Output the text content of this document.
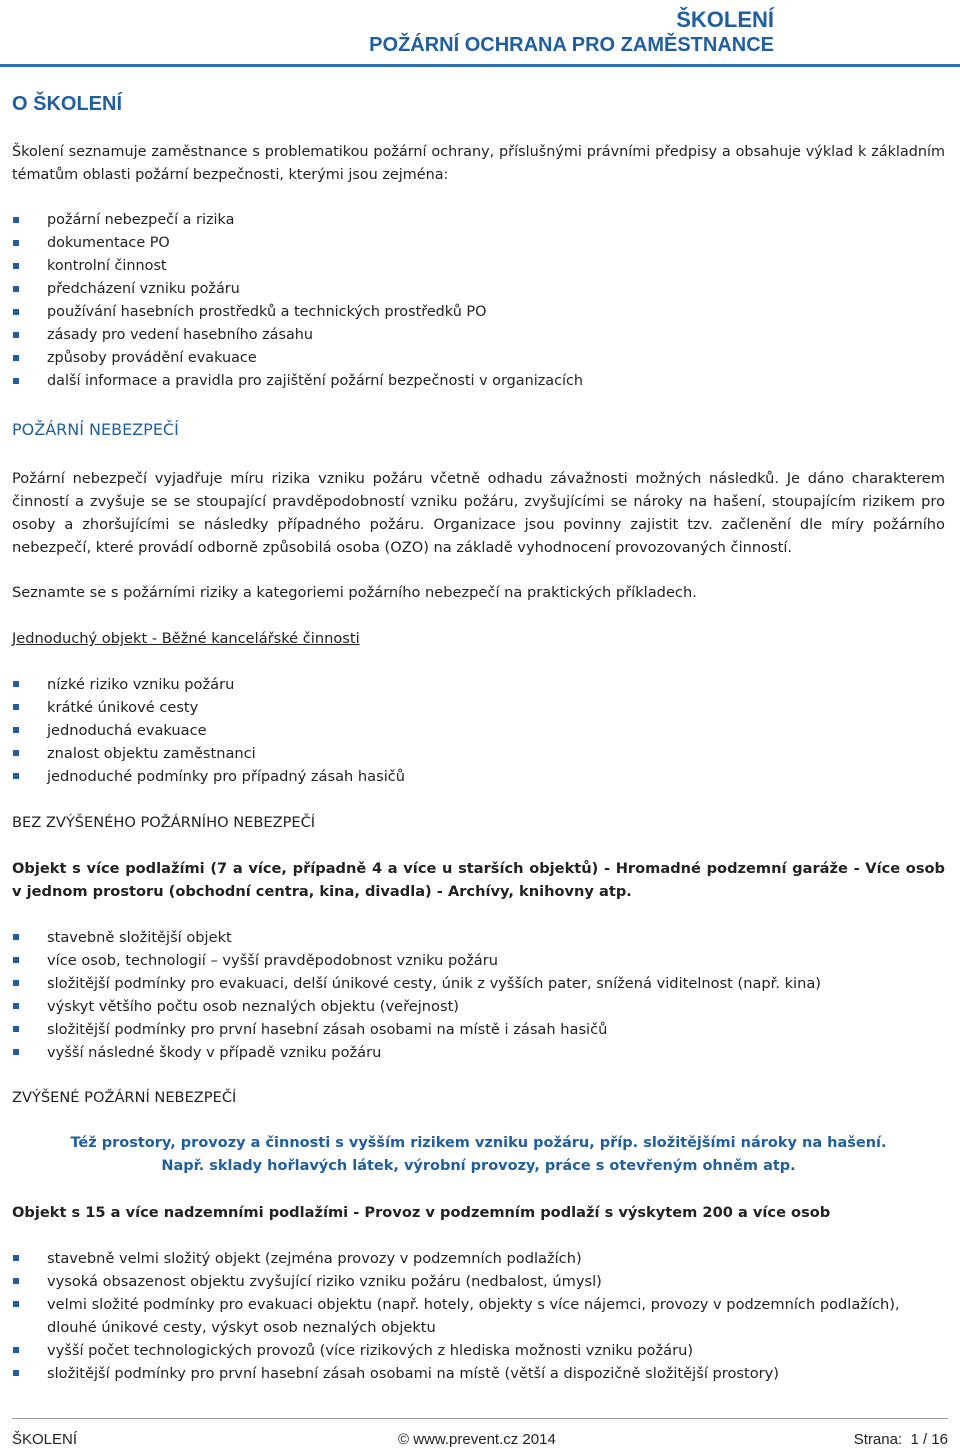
ŠKOLENÍ
POŽÁRNÍ OCHRANA PRO ZAMĚSTNANCE
O ŠKOLENÍ
Školení seznamuje zaměstnance s problematikou požární ochrany, příslušnými právními předpisy a obsahuje výklad k základním tématům oblasti požární bezpečnosti, kterými jsou zejména:
požární nebezpečí a rizika
dokumentace PO
kontrolní činnost
předcházení vzniku požáru
používání hasebních prostředků a technických prostředků PO
zásady pro vedení hasebního zásahu
způsoby provádění evakuace
další informace a pravidla pro zajištění požární bezpečnosti v organizacích
POŽÁRNÍ NEBEZPEČÍ
Požární nebezpečí vyjadřuje míru rizika vzniku požáru včetně odhadu závažnosti možných následků. Je dáno charakterem činností a zvyšuje se se stoupající pravděpodobností vzniku požáru, zvyšujícími se nároky na hašení, stoupajícím rizikem pro osoby a zhoršujícími se následky případného požáru. Organizace jsou povinny zajistit tzv. začlenění dle míry požárního nebezpečí, které provádí odborně způsobilá osoba (OZO) na základě vyhodnocení provozovaných činností.
Seznamte se s požárními riziky a kategoriemi požárního nebezpečí na praktických příkladech.
Jednoduchý objekt - Běžné kancelářské činnosti
nízké riziko vzniku požáru
krátké únikové cesty
jednoduchá evakuace
znalost objektu zaměstnanci
jednoduché podmínky pro případný zásah hasičů
BEZ ZVÝŠENÉHO POŽÁRNÍHO NEBEZPEČÍ
Objekt s více podlažími (7 a více, případně 4 a více u starších objektů) - Hromadné podzemní garáže - Více osob v jednom prostoru (obchodní centra, kina, divadla) - Archívy, knihovny atp.
stavebně složitější objekt
více osob, technologií – vyšší pravděpodobnost vzniku požáru
složitější podmínky pro evakuaci, delší únikové cesty, únik z vyšších pater, snížená viditelnost (např. kina)
výskyt většího počtu osob neznalých objektu (veřejnost)
složitější podmínky pro první hasební zásah osobami na místě i zásah hasičů
vyšší následné škody v případě vzniku požáru
ZVÝŠENÉ POŽÁRNÍ NEBEZPEČÍ
Též prostory, provozy a činnosti s vyšším rizikem vzniku požáru, příp. složitějšími nároky na hašení.
Např. sklady hořlavých látek, výrobní provozy, práce s otevřeným ohněm atp.
Objekt s 15 a více nadzemními podlažími - Provoz v podzemním podlaží s výskytem 200 a více osob
stavebně velmi složitý objekt (zejména provozy v podzemních podlažích)
vysoká obsazenost objektu zvyšující riziko vzniku požáru (nedbalost, úmysl)
velmi složité podmínky pro evakuaci objektu (např. hotely, objekty s více nájemci, provozy v podzemních podlažích), dlouhé únikové cesty, výskyt osob neznalých objektu
vyšší počet technologických provozů (více rizikových z hlediska možnosti vzniku požáru)
složitější podmínky pro první hasební zásah osobami na místě (větší a dispozičně složitější prostory)
ŠKOLENÍ	© www.prevent.cz 2014	Strana:  1 / 16
